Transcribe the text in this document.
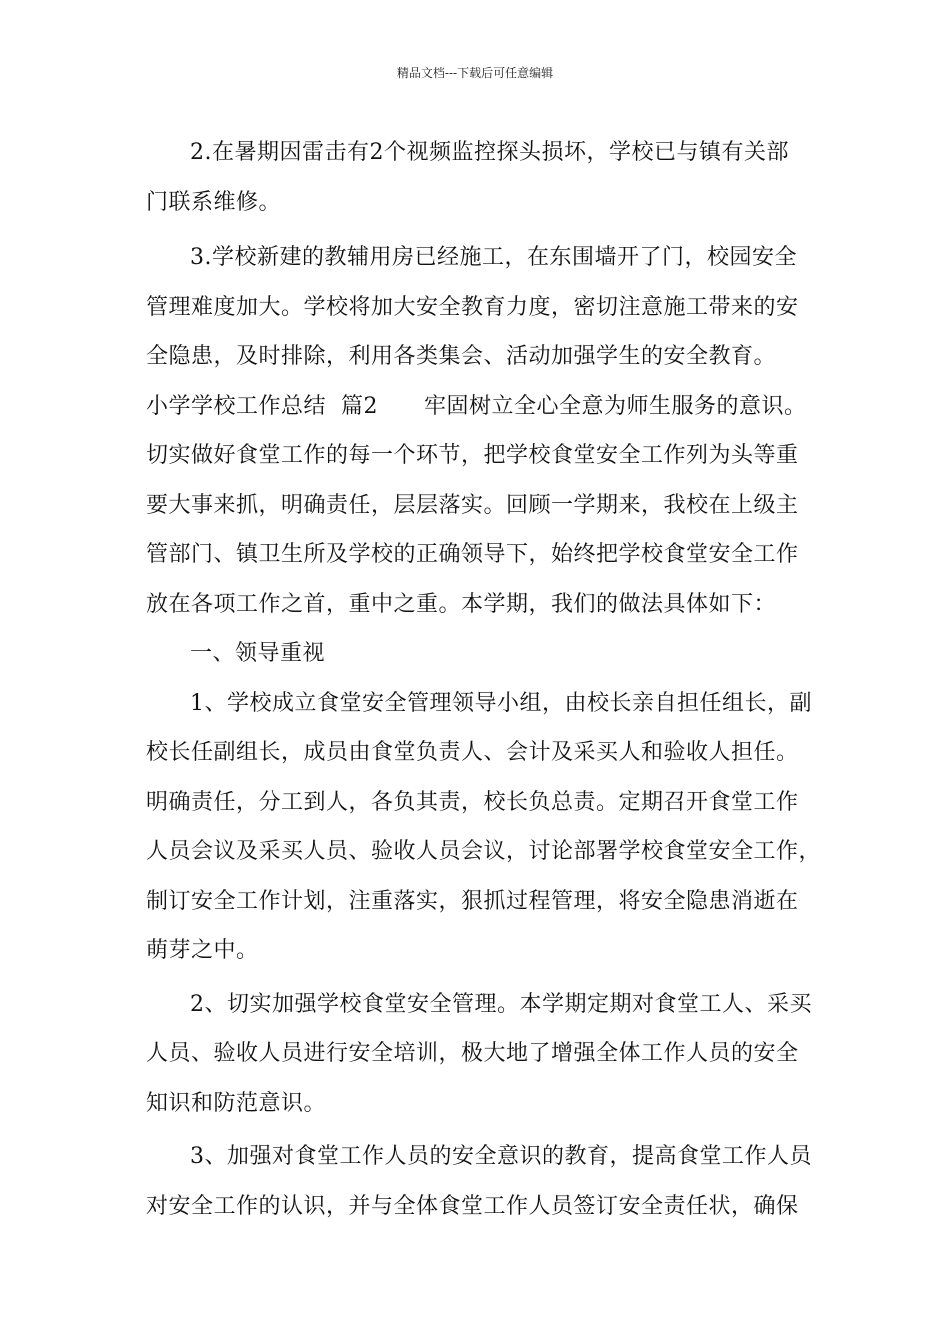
精品文档---下载后可任意编辑

2.在暑期因雷击有2个视频监控探头损坏，学校已与镇有关部
门联系维修。

3.学校新建的教辅用房已经施工，在东围墙开了门，校园安全
管理难度加大。学校将加大安全教育力度，密切注意施工带来的安
全隐患，及时排除，利用各类集会、活动加强学生的安全教育。

小学学校工作总结  篇2 牢固树立全心全意为师生服务的意识。
切实做好食堂工作的每一个环节，把学校食堂安全工作列为头等重
要大事来抓，明确责任，层层落实。回顾一学期来，我校在上级主
管部门、镇卫生所及学校的正确领导下，始终把学校食堂安全工作
放在各项工作之首，重中之重。本学期，我们的做法具体如下：

一、领导重视

1、学校成立食堂安全管理领导小组，由校长亲自担任组长，副
校长任副组长，成员由食堂负责人、会计及采买人和验收人担任。
明确责任，分工到人，各负其责，校长负总责。定期召开食堂工作
人员会议及采买人员、验收人员会议，讨论部署学校食堂安全工作，
制订安全工作计划，注重落实，狠抓过程管理，将安全隐患消逝在
萌芽之中。

2、切实加强学校食堂安全管理。本学期定期对食堂工人、采买
人员、验收人员进行安全培训，极大地了增强全体工作人员的安全
知识和防范意识。

3、加强对食堂工作人员的安全意识的教育，提高食堂工作人员
对安全工作的认识，并与全体食堂工作人员签订安全责任状，确保
